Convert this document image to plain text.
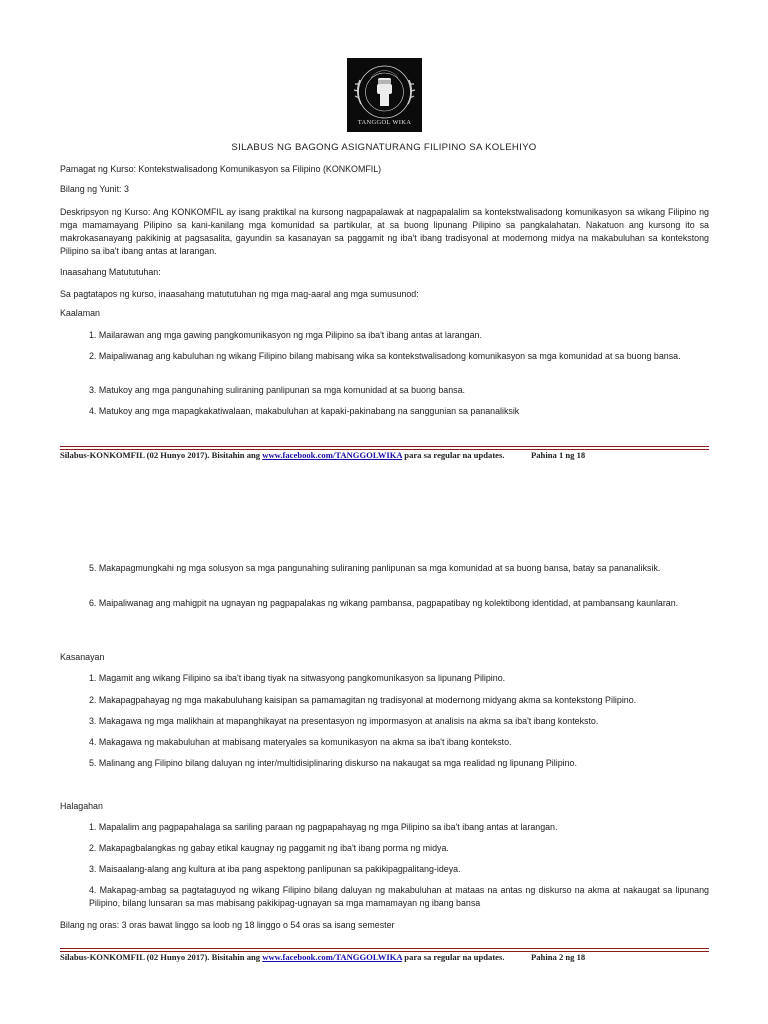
TANGGOL WIKA
SILABUS NG BAGONG ASIGNATURANG FILIPINO SA KOLEHIYO
Pamagat ng Kurso: Kontekstwalisadong Komunikasyon sa Filipino (KONKOMFIL)
Bilang ng Yunit: 3
Deskripsyon ng Kurso: Ang KONKOMFIL ay isang praktikal na kursong nagpapalawak at nagpapalalim sa kontekstwalisadong komunikasyon sa wikang Filipino ng mga mamamayang Pilipino sa kani-kanilang mga komunidad sa partikular, at sa buong lipunang Pilipino sa pangkalahatan. Nakatuon ang kursong ito sa makrokasanayang pakikinig at pagsasalita, gayundin sa kasanayan sa paggamit ng iba't ibang tradisyonal at modernong midya na makabuluhan sa kontekstong Pilipino sa iba't ibang antas at larangan.
Inaasahang Matututuhan:
Sa pagtatapos ng kurso, inaasahang matututuhan ng mga mag-aaral ang mga sumusunod:
Kaalaman
1. Mailarawan ang mga gawing pangkomunikasyon ng mga Pilipino sa iba't ibang antas at larangan.
2. Maipaliwanag ang kabuluhan ng wikang Filipino bilang mabisang wika sa kontekstwalisadong komunikasyon sa mga komunidad at sa buong bansa.
3. Matukoy ang mga pangunahing suliraning panlipunan sa mga komunidad at sa buong bansa.
4. Matukoy ang mga mapagkakatiwalaan, makabuluhan at kapaki-pakinabang na sanggunian sa pananaliksik
Silabus-KONKOMFIL (02 Hunyo 2017). Bisitahin ang www.facebook.com/TANGGOLWIKA para sa regular na updates.	Pahina 1 ng 18
5. Makapagmungkahi ng mga solusyon sa mga pangunahing suliraning panlipunan sa mga komunidad at sa buong bansa, batay sa pananaliksik.
6. Maipaliwanag ang mahigpit na ugnayan ng pagpapalakas ng wikang pambansa, pagpapatibay ng kolektibong identidad, at pambansang kaunlaran.
Kasanayan
1. Magamit ang wikang Filipino sa iba't ibang tiyak na sitwasyong pangkomunikasyon sa lipunang Pilipino.
2. Makapagpahayag ng mga makabuluhang kaisipan sa pamamagitan ng tradisyonal at modernong midyang akma sa kontekstong Pilipino.
3. Makagawa ng mga malikhain at mapanghikayat na presentasyon ng impormasyon at analisis na akma sa iba't ibang konteksto.
4. Makagawa ng makabuluhan at mabisang materyales sa komunikasyon na akma sa iba't ibang konteksto.
5. Malinang ang Filipino bilang daluyan ng inter/multidisiplinaring diskurso na nakaugat sa mga realidad ng lipunang Pilipino.
Halagahan
1. Mapalalim ang pagpapahalaga sa sariling paraan ng pagpapahayag ng mga Pilipino sa iba't ibang antas at larangan.
2. Makapagbalangkas ng gabay etikal kaugnay ng paggamit ng iba't ibang porma ng midya.
3. Maisaalang-alang ang kultura at iba pang aspektong panlipunan sa pakikipagpalitang-ideya.
4. Makapag-ambag sa pagtataguyod ng wikang Filipino bilang daluyan ng makabuluhan at mataas na antas ng diskurso na akma at nakaugat sa lipunang Pilipino, bilang lunsaran sa mas mabisang pakikipag-ugnayan sa mga mamamayan ng ibang bansa
Bilang ng oras: 3 oras bawat linggo sa loob ng 18 linggo o 54 oras sa isang semester
Silabus-KONKOMFIL (02 Hunyo 2017). Bisitahin ang www.facebook.com/TANGGOLWIKA para sa regular na updates.	Pahina 2 ng 18
